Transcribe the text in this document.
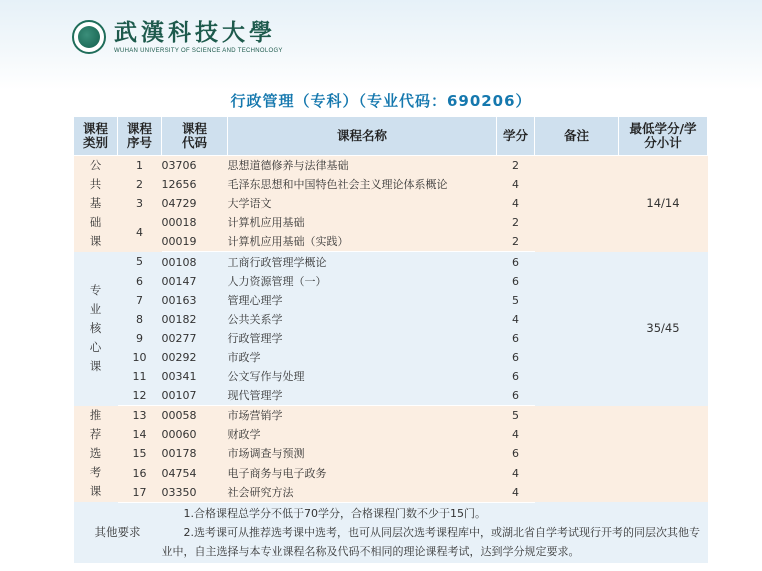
武漢科技大學
WUHAN UNIVERSITY OF SCIENCE AND TECHNOLOGY
行政管理（专科）（专业代码：690206）
课程类别	课程序号	课程代码	课程名称	学分	备注	最低学分/学分小计
公共基础课	1	03706	思想道德修养与法律基础	2		14/14
	2	12656	毛泽东思想和中国特色社会主义理论体系概论	4		
	3	04729	大学语文	4		
	4	00018	计算机应用基础	2		
		00019	计算机应用基础（实践）	2		
专业核心课	5	00108	工商行政管理学概论	6		35/45
	6	00147	人力资源管理（一）	6		
	7	00163	管理心理学	5		
	8	00182	公共关系学	4		
	9	00277	行政管理学	6		
	10	00292	市政学	6		
	11	00341	公文写作与处理	6		
	12	00107	现代管理学	6		
推荐选考课	13	00058	市场营销学	5		
	14	00060	财政学	4		
	15	00178	市场调查与预测	6		
	16	04754	电子商务与电子政务	4		
	17	03350	社会研究方法	4		
其他要求		1.合格课程总学分不低于70学分，合格课程门数不少于15门。
2.选考课可从推荐选考课中选考，也可从同层次选考课程库中，或湖北省自学考试现行开考的同层次其他专业中，自主选择与本专业课程名称及代码不相同的理论课程考试，达到学分规定要求。				
